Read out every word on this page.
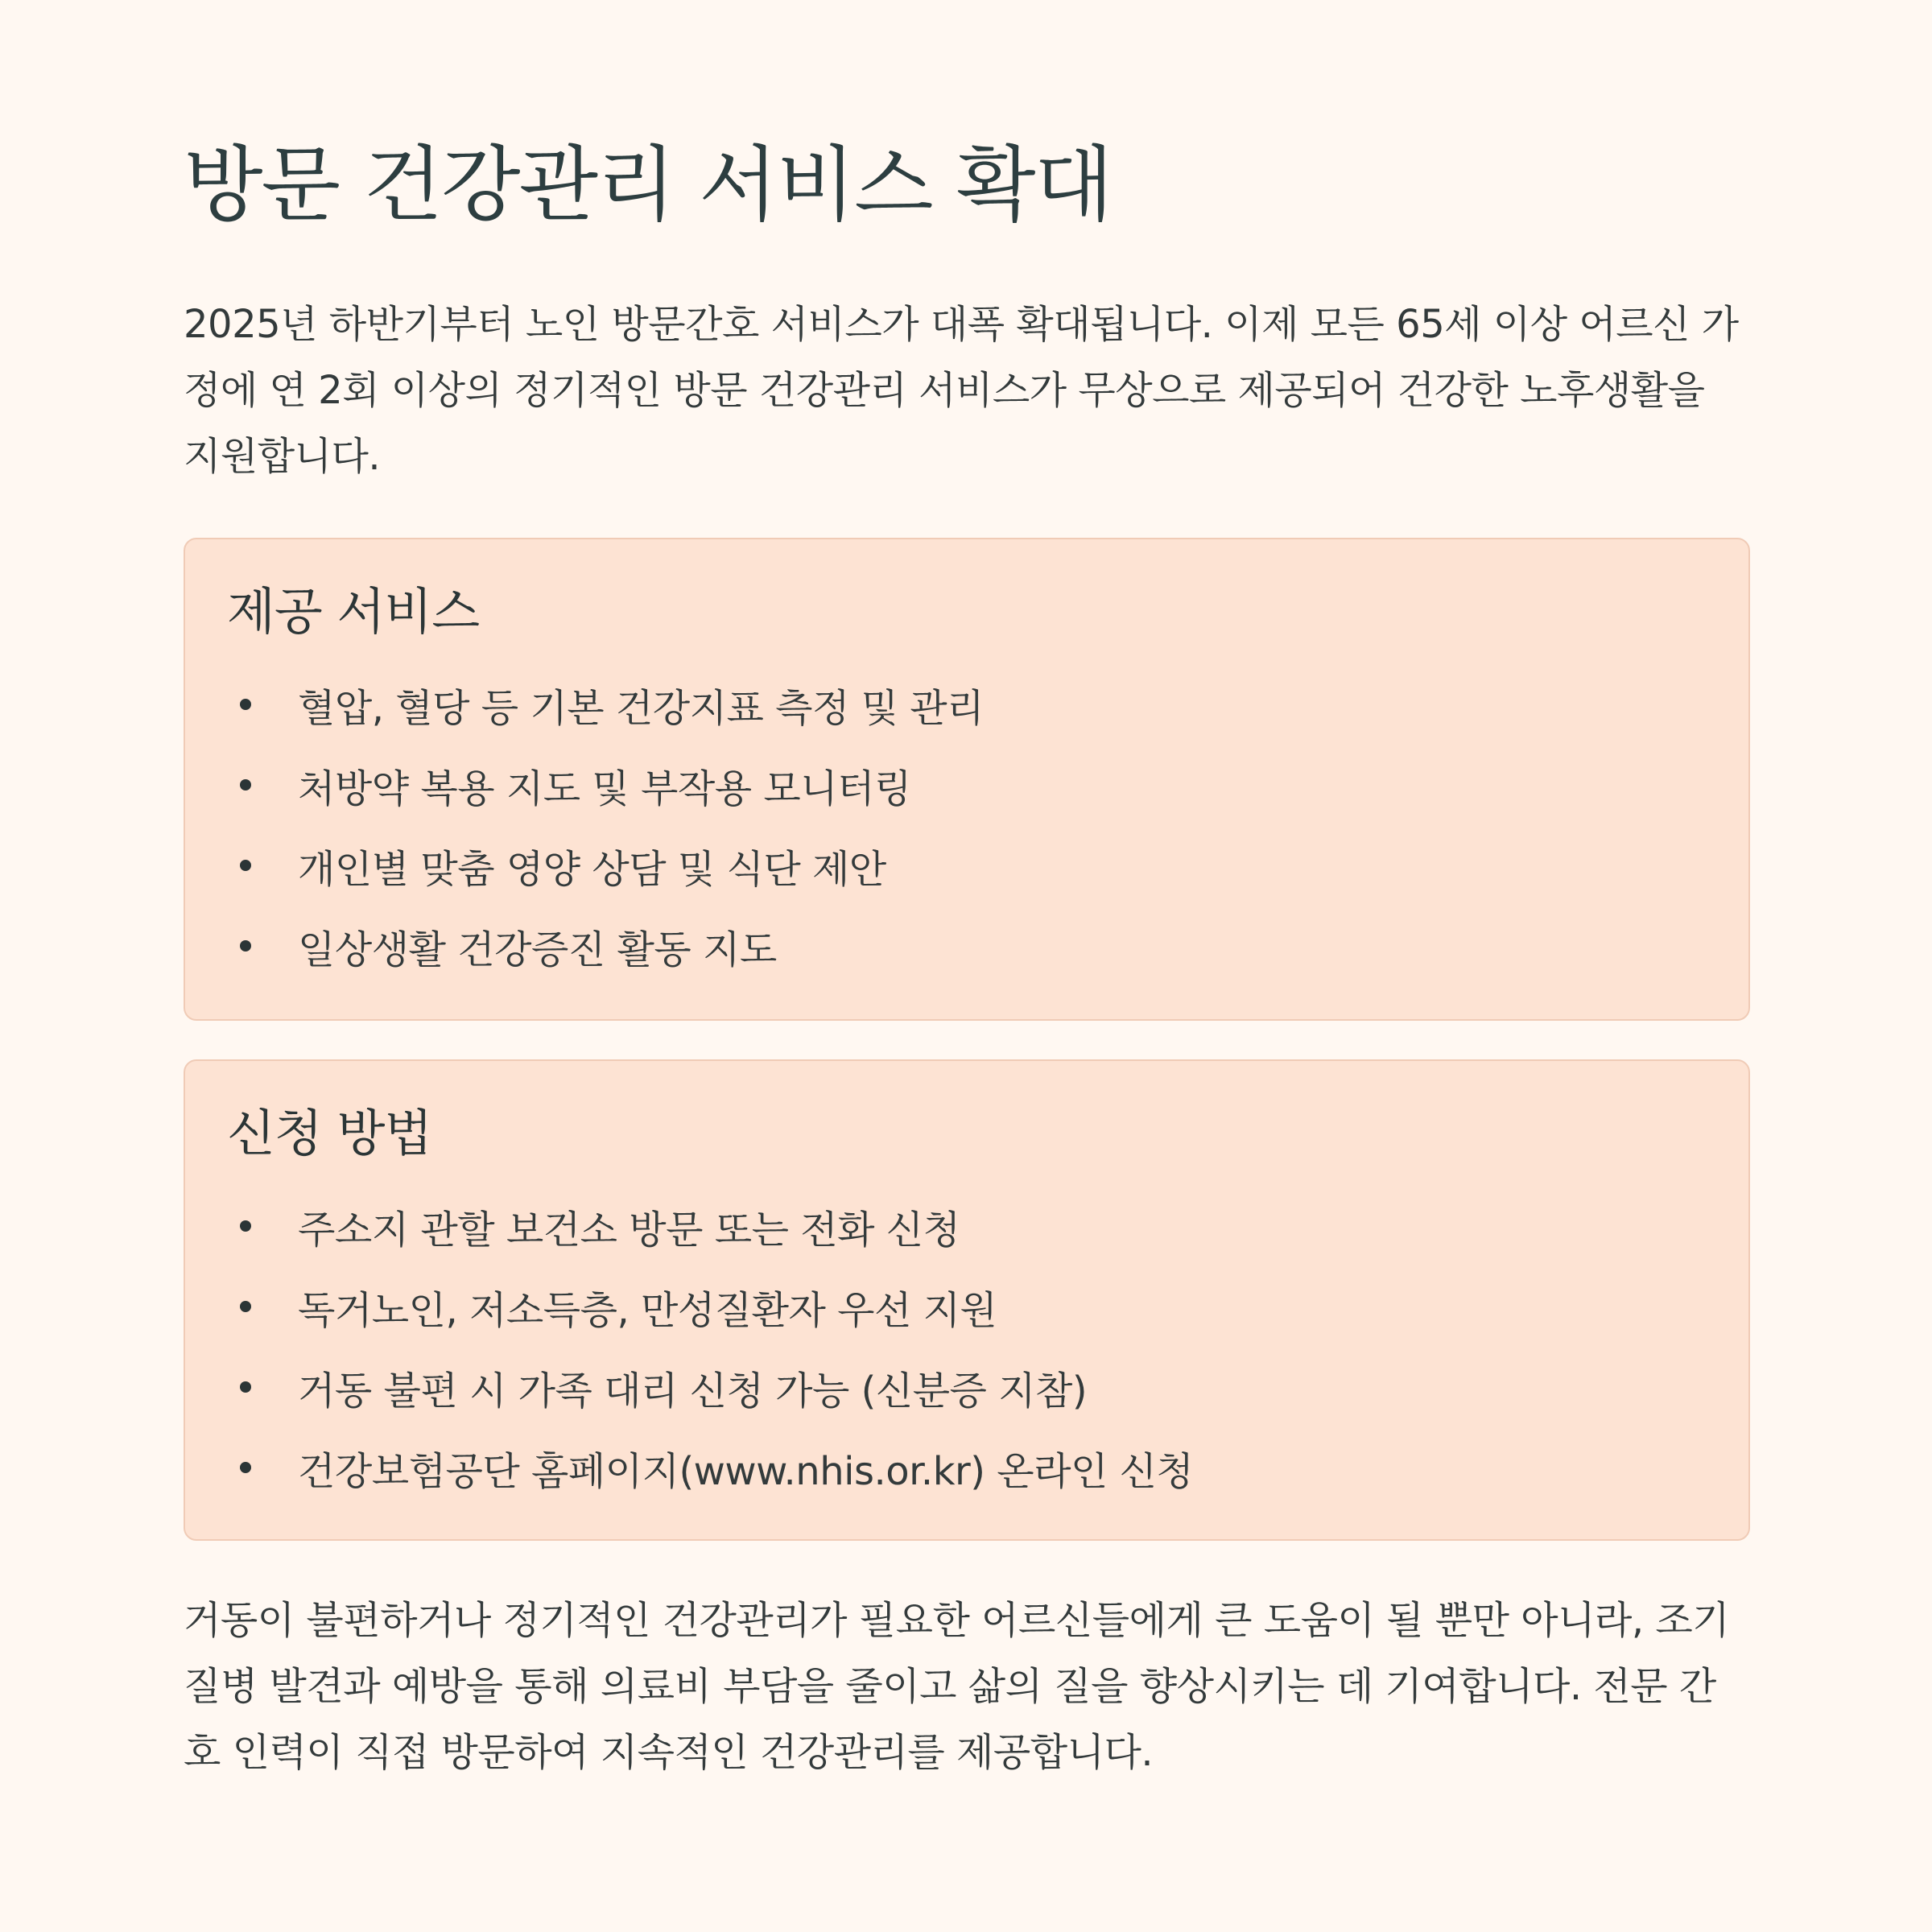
방문 건강관리 서비스 확대

2025년 하반기부터 노인 방문간호 서비스가 대폭 확대됩니다. 이제 모든 65세 이상 어르신 가정에 연 2회 이상의 정기적인 방문 건강관리 서비스가 무상으로 제공되어 건강한 노후생활을 지원합니다.

제공 서비스
혈압, 혈당 등 기본 건강지표 측정 및 관리
처방약 복용 지도 및 부작용 모니터링
개인별 맞춤 영양 상담 및 식단 제안
일상생활 건강증진 활동 지도
신청 방법
주소지 관할 보건소 방문 또는 전화 신청
독거노인, 저소득층, 만성질환자 우선 지원
거동 불편 시 가족 대리 신청 가능 (신분증 지참)
건강보험공단 홈페이지(www.nhis.or.kr) 온라인 신청

거동이 불편하거나 정기적인 건강관리가 필요한 어르신들에게 큰 도움이 될 뿐만 아니라, 조기 질병 발견과 예방을 통해 의료비 부담을 줄이고 삶의 질을 향상시키는 데 기여합니다. 전문 간호 인력이 직접 방문하여 지속적인 건강관리를 제공합니다.
